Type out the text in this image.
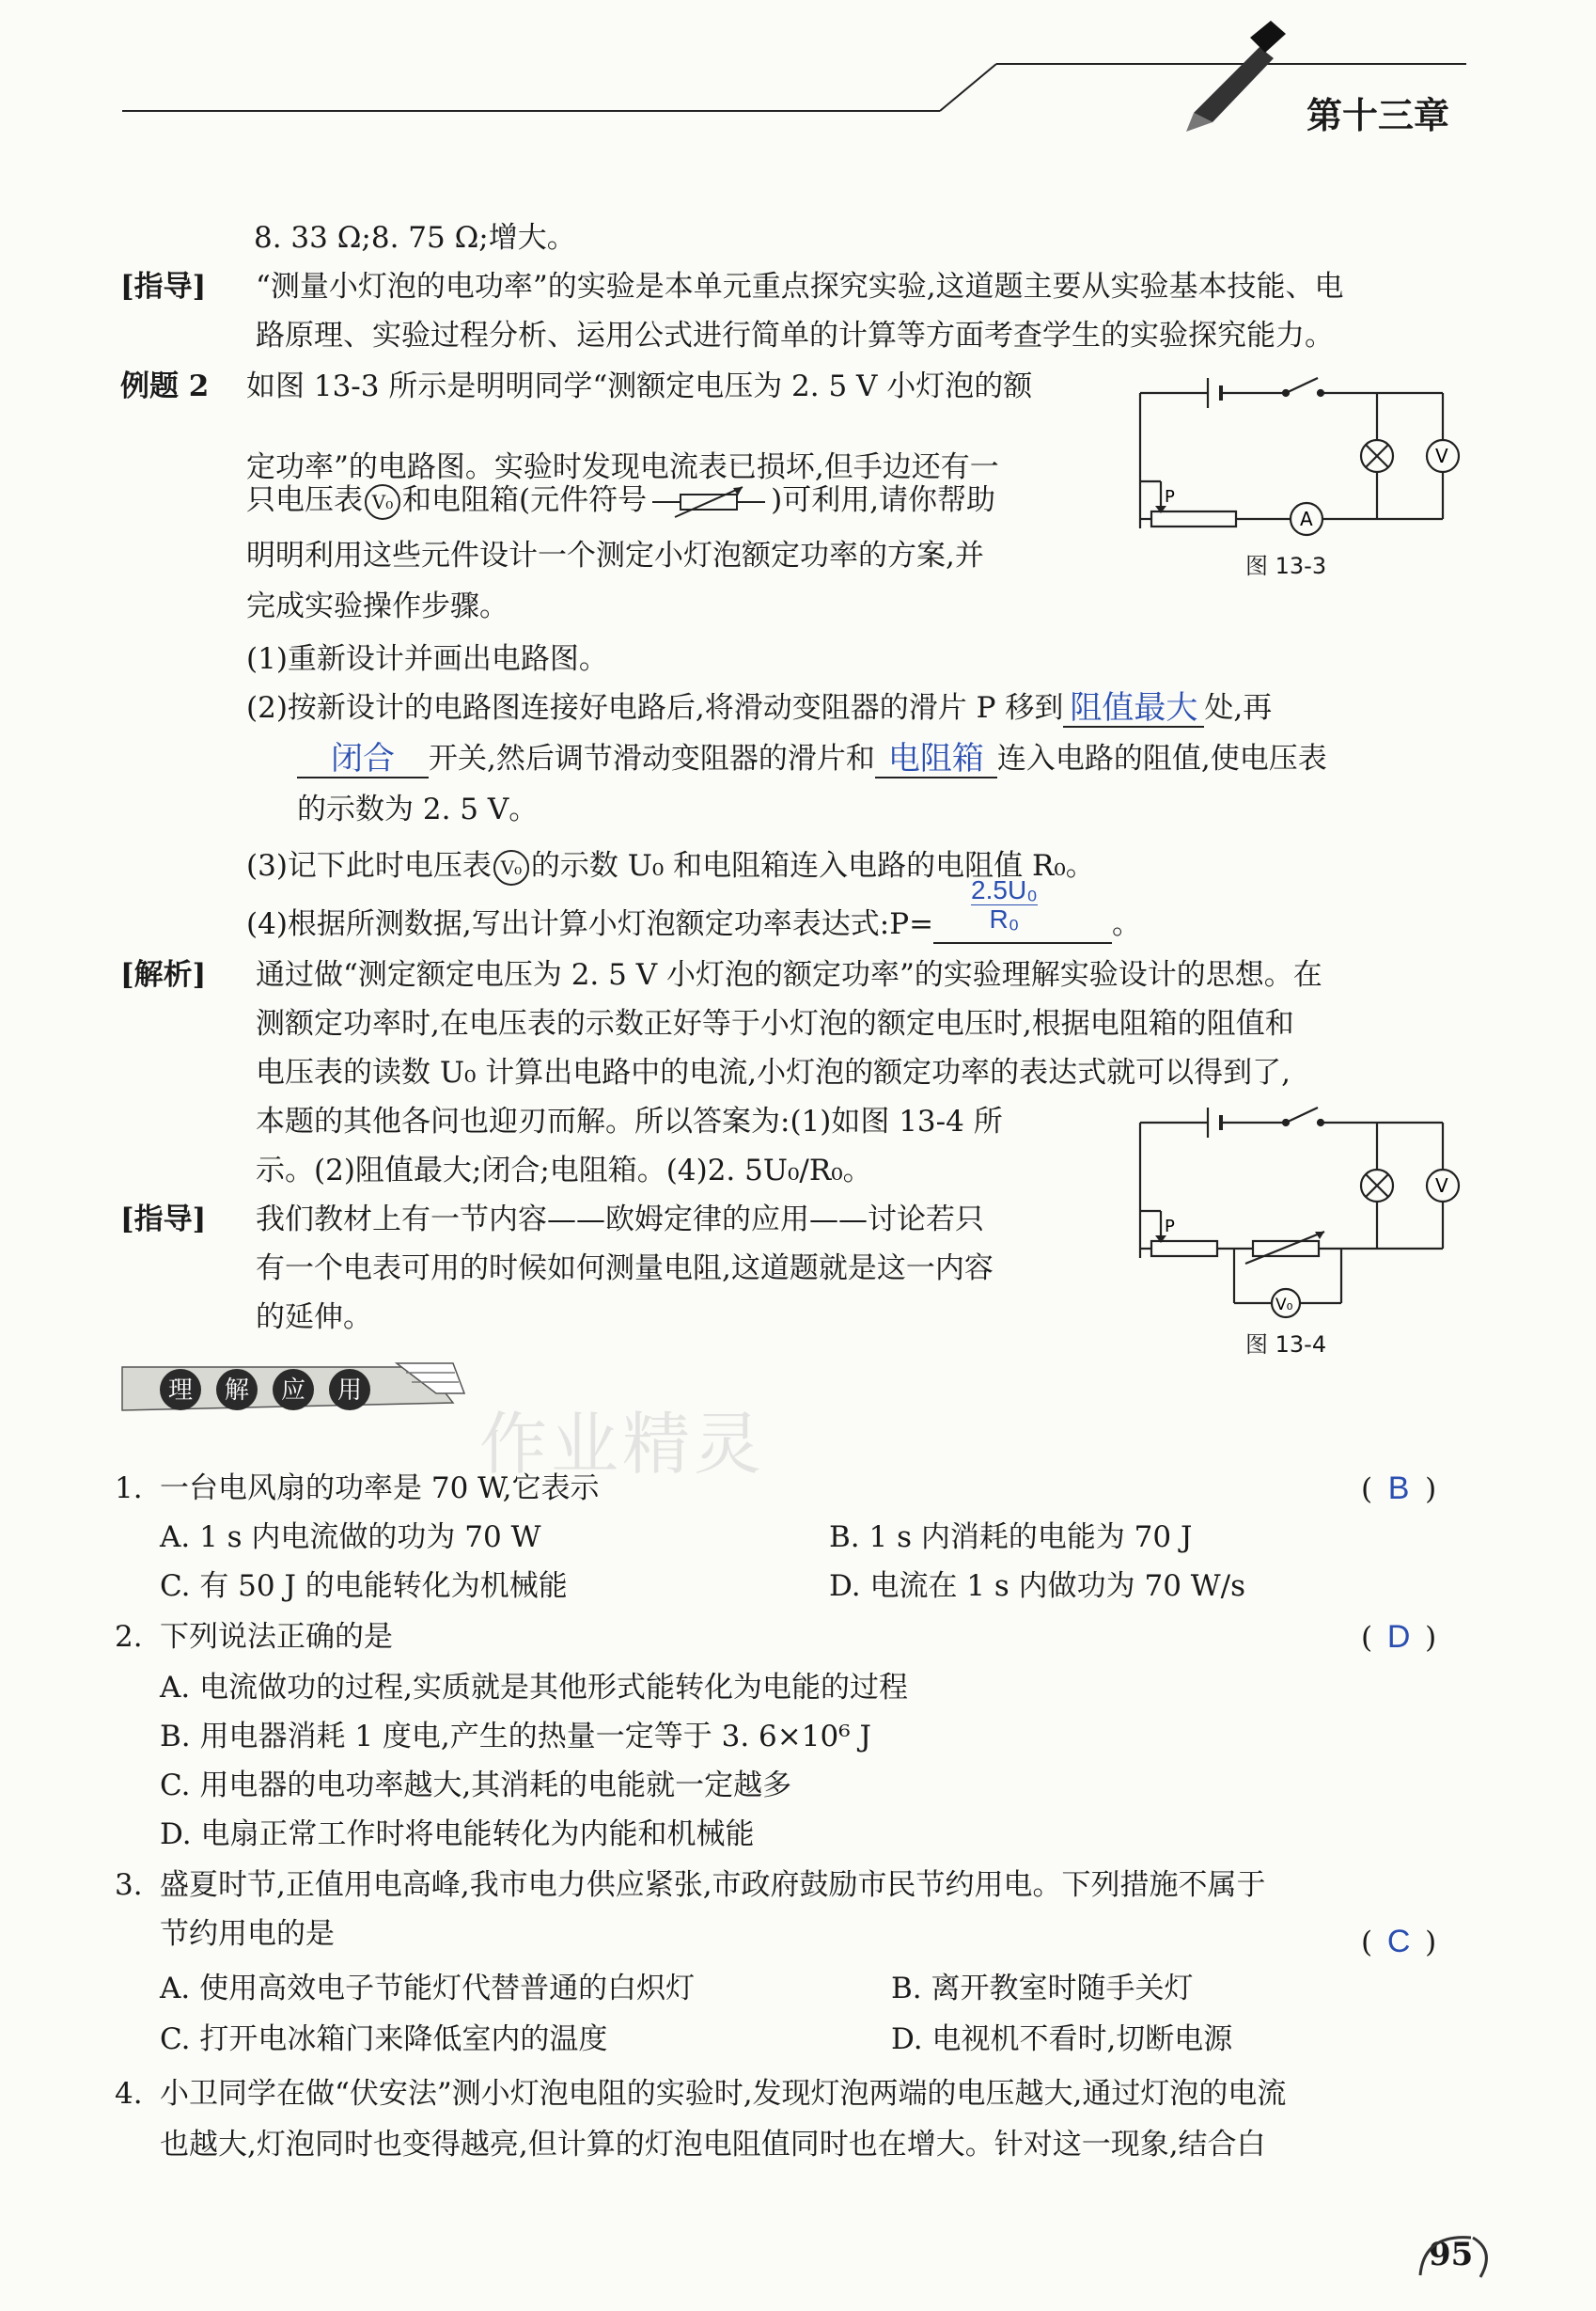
第十三章
作业精灵
8. 33 Ω;8. 75 Ω;增大。
[指导] “测量小灯泡的电功率”的实验是本单元重点探究实验,这道题主要从实验基本技能、电
路原理、实验过程分析、运用公式进行简单的计算等方面考查学生的实验探究能力。
例题 2 如图 13-3 所示是明明同学“测额定电压为 2. 5 V 小灯泡的额
定功率”的电路图。实验时发现电流表已损坏,但手边还有一
只电压表 V₀ 和电阻箱(元件符号	)可利用,请你帮助
明明利用这些元件设计一个测定小灯泡额定功率的方案,并
完成实验操作步骤。
(1)重新设计并画出电路图。
(2)按新设计的电路图连接好电路后,将滑动变阻器的滑片 P 移到 阻值最大 处,再
闭合 开关,然后调节滑动变阻器的滑片和 电阻箱 连入电路的阻值,使电压表
的示数为 2. 5 V。
(3)记下此时电压表 V₀ 的示数 U₀ 和电阻箱连入电路的电阻值 R₀。
(4)根据所测数据,写出计算小灯泡额定功率表达式:P= $\frac{\text{2.5U₀}}{\text{R₀}}$	。
P
A
V
图 13-3
[解析] 通过做“测定额定电压为 2. 5 V 小灯泡的额定功率”的实验理解实验设计的思想。在
测额定功率时,在电压表的示数正好等于小灯泡的额定电压时,根据电阻箱的阻值和
电压表的读数 U₀ 计算出电路中的电流,小灯泡的额定功率的表达式就可以得到了,
本题的其他各问也迎刃而解。所以答案为:(1)如图 13-4 所
示。(2)阻值最大;闭合;电阻箱。(4)2. 5U₀/R₀。
[指导] 我们教材上有一节内容——欧姆定律的应用——讨论若只
有一个电表可用的时候如何测量电阻,这道题就是这一内容
的延伸。
P
V
V₀
图 13-4
理 解 应 用
1. 一台电风扇的功率是 70 W,它表示	( B )
A. 1 s 内电流做的功为 70 W	B. 1 s 内消耗的电能为 70 J
C. 有 50 J 的电能转化为机械能	D. 电流在 1 s 内做功为 70 W/s
2. 下列说法正确的是	( D )
A. 电流做功的过程,实质就是其他形式能转化为电能的过程
B. 用电器消耗 1 度电,产生的热量一定等于 3. 6×10⁶ J
C. 用电器的电功率越大,其消耗的电能就一定越多
D. 电扇正常工作时将电能转化为内能和机械能
3. 盛夏时节,正值用电高峰,我市电力供应紧张,市政府鼓励市民节约用电。下列措施不属于
节约用电的是	( C )
A. 使用高效电子节能灯代替普通的白炽灯	B. 离开教室时随手关灯
C. 打开电冰箱门来降低室内的温度	D. 电视机不看时,切断电源
4. 小卫同学在做“伏安法”测小灯泡电阻的实验时,发现灯泡两端的电压越大,通过灯泡的电流
也越大,灯泡同时也变得越亮,但计算的灯泡电阻值同时也在增大。针对这一现象,结合白
95
